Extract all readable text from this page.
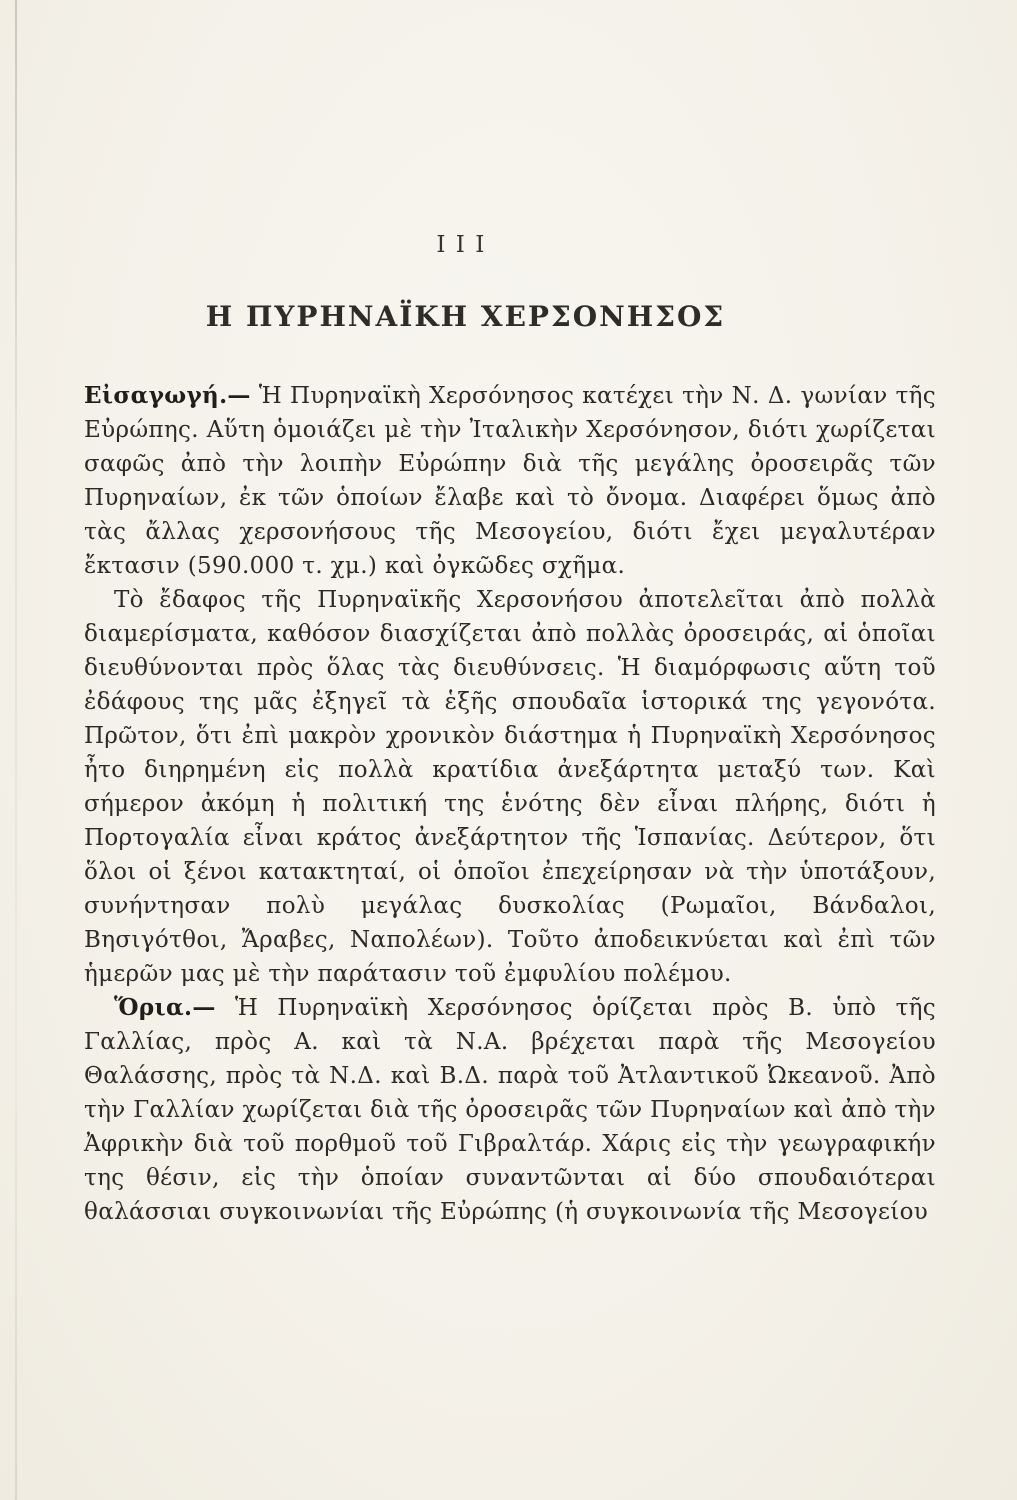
III
Η ΠΥΡΗΝΑΪΚΗ ΧΕΡΣΟΝΗΣΟΣ

Εἰσαγωγή.— Ἡ Πυρηναϊκὴ Χερσόνησος κατέχει τὴν Ν. Δ. γωνίαν τῆς Εὐρώπης. Αὕτη ὁμοιάζει μὲ τὴν Ἰταλικὴν Χερσόνησον, διότι χωρίζεται σαφῶς ἀπὸ τὴν λοιπὴν Εὐρώπην διὰ τῆς μεγάλης ὀροσειρᾶς τῶν Πυρηναίων, ἐκ τῶν ὁποίων ἔλαβε καὶ τὸ ὄνομα. Διαφέρει ὅμως ἀπὸ τὰς ἄλλας χερσονήσους τῆς Μεσογείου, διότι ἔχει μεγαλυτέραν ἔκτασιν (590.000 τ. χμ.) καὶ ὀγκῶδες σχῆμα.

Τὸ ἔδαφος τῆς Πυρηναϊκῆς Χερσονήσου ἀποτελεῖται ἀπὸ πολλὰ διαμερίσματα, καθόσον διασχίζεται ἀπὸ πολλὰς ὀροσειράς, αἱ ὁποῖαι διευθύνονται πρὸς ὅλας τὰς διευθύνσεις. Ἡ διαμόρφωσις αὕτη τοῦ ἐδάφους της μᾶς ἐξηγεῖ τὰ ἑξῆς σπουδαῖα ἱστορικά της γεγονότα. Πρῶτον, ὅτι ἐπὶ μακρὸν χρονικὸν διάστημα ἡ Πυρηναϊκὴ Χερσόνησος ἦτο διηρημένη εἰς πολλὰ κρατίδια ἀνεξάρτητα μεταξύ των. Καὶ σήμερον ἀκόμη ἡ πολιτική της ἑνότης δὲν εἶναι πλήρης, διότι ἡ Πορτογαλία εἶναι κράτος ἀνεξάρτητον τῆς Ἱσπανίας. Δεύτερον, ὅτι ὅλοι οἱ ξένοι κατακτηταί, οἱ ὁποῖοι ἐπεχείρησαν νὰ τὴν ὑποτάξουν, συνήντησαν πολὺ μεγάλας δυσκολίας (Ρωμαῖοι, Βάνδαλοι, Βησιγότθοι, Ἄραβες, Ναπολέων). Τοῦτο ἀποδεικνύεται καὶ ἐπὶ τῶν ἡμερῶν μας μὲ τὴν παράτασιν τοῦ ἐμφυλίου πολέμου.

Ὅρια.— Ἡ Πυρηναϊκὴ Χερσόνησος ὁρίζεται πρὸς Β. ὑπὸ τῆς Γαλλίας, πρὸς Α. καὶ τὰ Ν.Α. βρέχεται παρὰ τῆς Μεσογείου Θαλάσσης, πρὸς τὰ Ν.Δ. καὶ Β.Δ. παρὰ τοῦ Ἀτλαντικοῦ Ὠκεανοῦ. Ἀπὸ τὴν Γαλλίαν χωρίζεται διὰ τῆς ὀροσειρᾶς τῶν Πυρηναίων καὶ ἀπὸ τὴν Ἀφρικὴν διὰ τοῦ πορθμοῦ τοῦ Γιβραλτάρ. Χάρις εἰς τὴν γεωγραφικήν της θέσιν, εἰς τὴν ὁποίαν συναντῶνται αἱ δύο σπουδαιότεραι θαλάσσιαι συγκοινωνίαι τῆς Εὐρώπης (ἡ συγκοινωνία τῆς Μεσογείου
